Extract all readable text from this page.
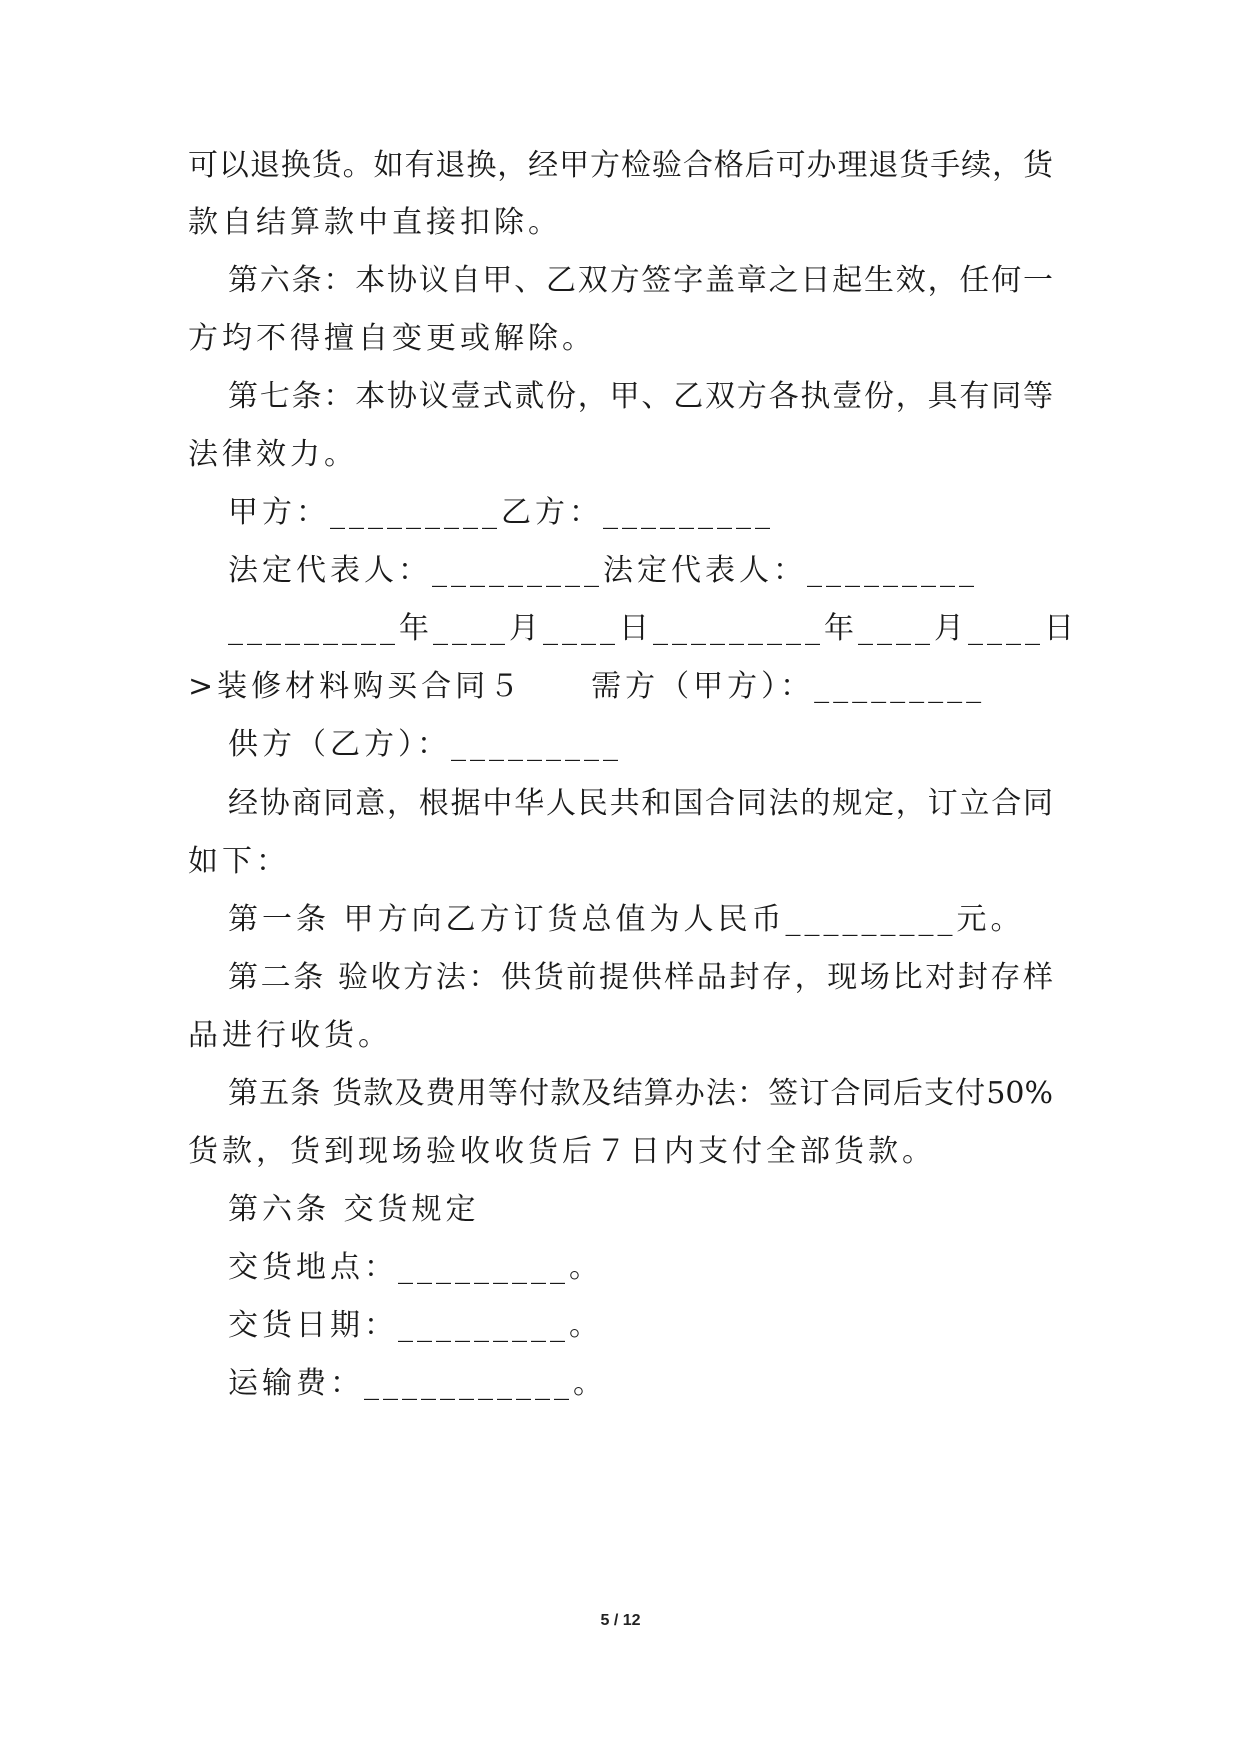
可以退换货。如有退换，经甲方检验合格后可办理退货手续，货
款自结算款中直接扣除。
第六条：本协议自甲、乙双方签字盖章之日起生效，任何一
方均不得擅自变更或解除。
第七条：本协议壹式贰份，甲、乙双方各执壹份，具有同等
法律效力。
甲方：_________乙方：_________
法定代表人：_________法定代表人：_________
_________年____月____日_________年____月____日
>装修材料购买合同５　　需方（甲方）：_________
供方（乙方）：_________
经协商同意，根据中华人民共和国合同法的规定，订立合同
如下：
第一条 甲方向乙方订货总值为人民币_________元。
第二条 验收方法：供货前提供样品封存，现场比对封存样
品进行收货。
第五条 货款及费用等付款及结算办法：签订合同后支付50%
货款，货到现场验收收货后７日内支付全部货款。
第六条 交货规定
交货地点：_________。
交货日期：_________。
运输费：___________。
5 / 12
